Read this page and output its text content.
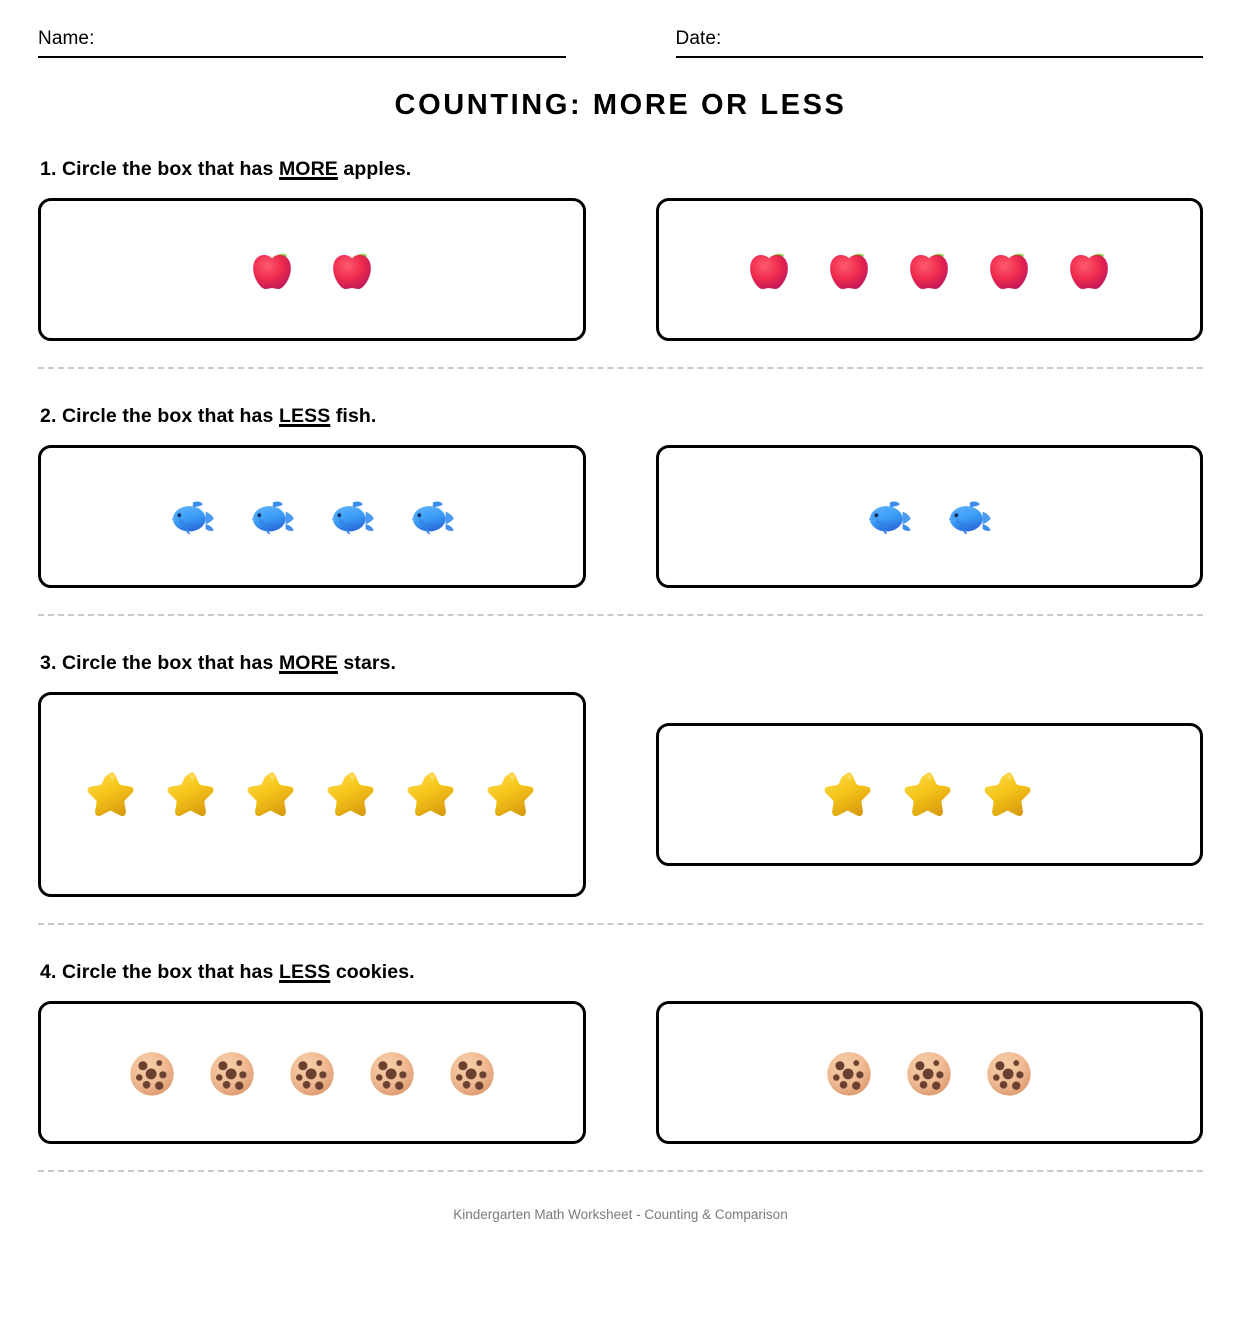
Name:	Date:
COUNTING: MORE OR LESS
1. Circle the box that has MORE apples.
2. Circle the box that has LESS fish.
3. Circle the box that has MORE stars.
4. Circle the box that has LESS cookies.
Kindergarten Math Worksheet - Counting & Comparison
